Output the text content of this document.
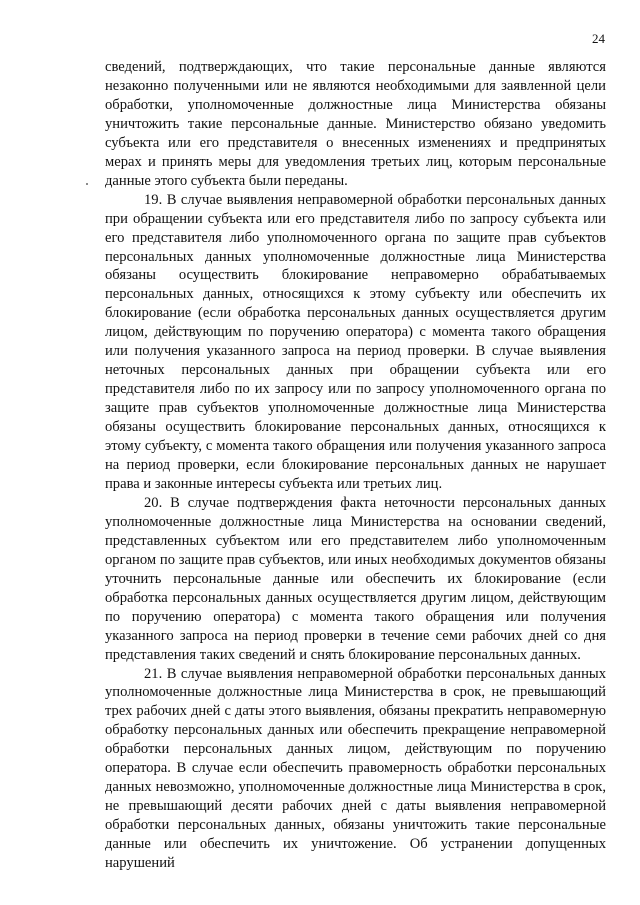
24

сведений, подтверждающих, что такие персональные данные являются незаконно полученными или не являются необходимыми для заявленной цели обработки, уполномоченные должностные лица Министерства обязаны уничтожить такие персональные данные. Министерство обязано уведомить субъекта или его представителя о внесенных изменениях и предпринятых мерах и принять меры для уведомления третьих лиц, которым персональные данные этого субъекта были переданы.

19. В случае выявления неправомерной обработки персональных данных при обращении субъекта или его представителя либо по запросу субъекта или его представителя либо уполномоченного органа по защите прав субъектов персональных данных уполномоченные должностные лица Министерства обязаны осуществить блокирование неправомерно обрабатываемых персональных данных, относящихся к этому субъекту или обеспечить их блокирование (если обработка персональных данных осуществляется другим лицом, действующим по поручению оператора) с момента такого обращения или получения указанного запроса на период проверки. В случае выявления неточных персональных данных при обращении субъекта или его представителя либо по их запросу или по запросу уполномоченного органа по защите прав субъектов уполномоченные должностные лица Министерства обязаны осуществить блокирование персональных данных, относящихся к этому субъекту, с момента такого обращения или получения указанного запроса на период проверки, если блокирование персональных данных не нарушает права и законные интересы субъекта или третьих лиц.

20. В случае подтверждения факта неточности персональных данных уполномоченные должностные лица Министерства на основании сведений, представленных субъектом или его представителем либо уполномоченным органом по защите прав субъектов, или иных необходимых документов обязаны уточнить персональные данные или обеспечить их блокирование (если обработка персональных данных осуществляется другим лицом, действующим по поручению оператора) с момента такого обращения или получения указанного запроса на период проверки в течение семи рабочих дней со дня представления таких сведений и снять блокирование персональных данных.

21. В случае выявления неправомерной обработки персональных данных уполномоченные должностные лица Министерства в срок, не превышающий трех рабочих дней с даты этого выявления, обязаны прекратить неправомерную обработку персональных данных или обеспечить прекращение неправомерной обработки персональных данных лицом, действующим по поручению оператора. В случае если обеспечить правомерность обработки персональных данных невозможно, уполномоченные должностные лица Министерства в срок, не превышающий десяти рабочих дней с даты выявления неправомерной обработки персональных данных, обязаны уничтожить такие персональные данные или обеспечить их уничтожение. Об устранении допущенных нарушений
